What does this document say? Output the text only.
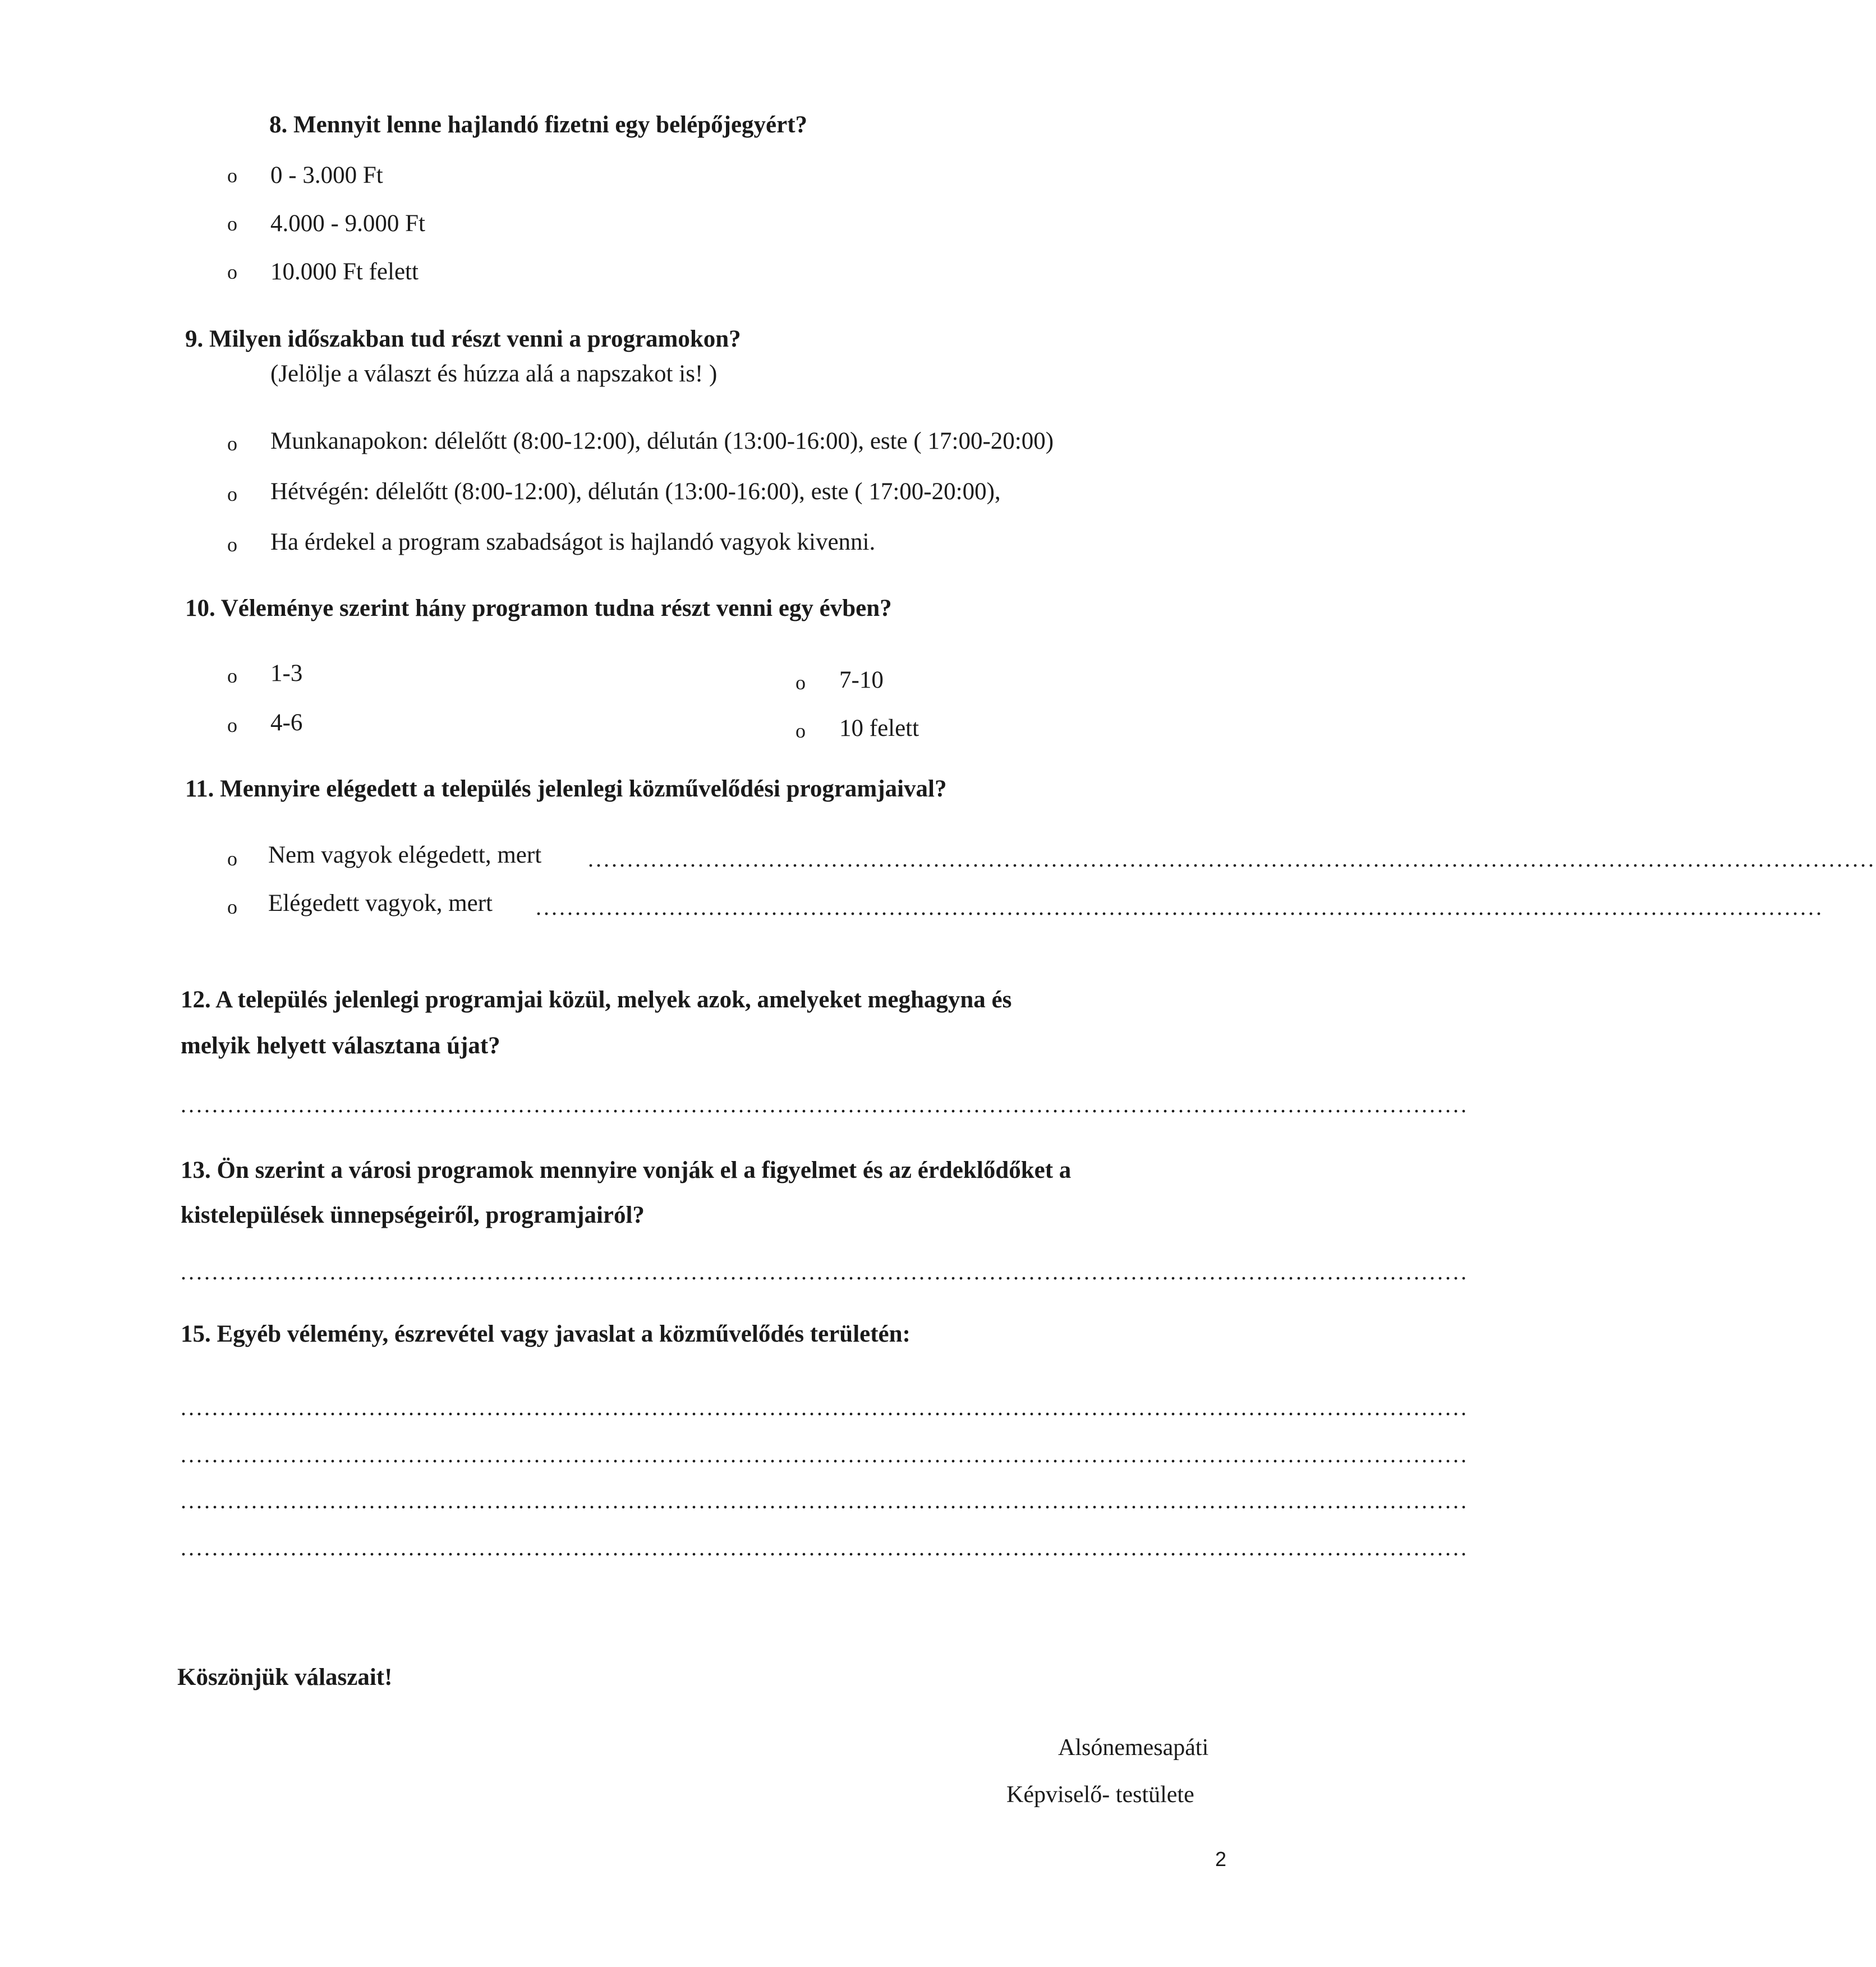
8. Mennyit lenne hajlandó fizetni egy belépőjegyért?
o 0 - 3.000 Ft
o 4.000 - 9.000 Ft
o 10.000 Ft felett
9. Milyen időszakban tud részt venni a programokon?
(Jelölje a választ és húzza alá a napszakot is! )
o Munkanapokon: délelőtt (8:00-12:00), délután (13:00-16:00), este ( 17:00-20:00)
o Hétvégén: délelőtt (8:00-12:00), délután (13:00-16:00), este ( 17:00-20:00),
o Ha érdekel a program szabadságot is hajlandó vagyok kivenni.
10. Véleménye szerint hány programon tudna részt venni egy évben?
o 1-3
o 4-6
o 7-10
o 10 felett
11. Mennyire elégedett a település jelenlegi közművelődési programjaival?
o Nem vagyok elégedett, mert ....................................................................................................................................................................
o Elégedett vagyok, mert ....................................................................................................................................................................
12. A település jelenlegi programjai közül, melyek azok, amelyeket meghagyna és
melyik helyett választana újat?
....................................................................................................................................................................
13. Ön szerint a városi programok mennyire vonják el a figyelmet és az érdeklődőket a
kistelepülések ünnepségeiről, programjairól?
....................................................................................................................................................................
15. Egyéb vélemény, észrevétel vagy javaslat a közművelődés területén:
....................................................................................................................................................................
....................................................................................................................................................................
....................................................................................................................................................................
....................................................................................................................................................................
Köszönjük válaszait!
Alsónemesapáti
Képviselő- testülete
2
